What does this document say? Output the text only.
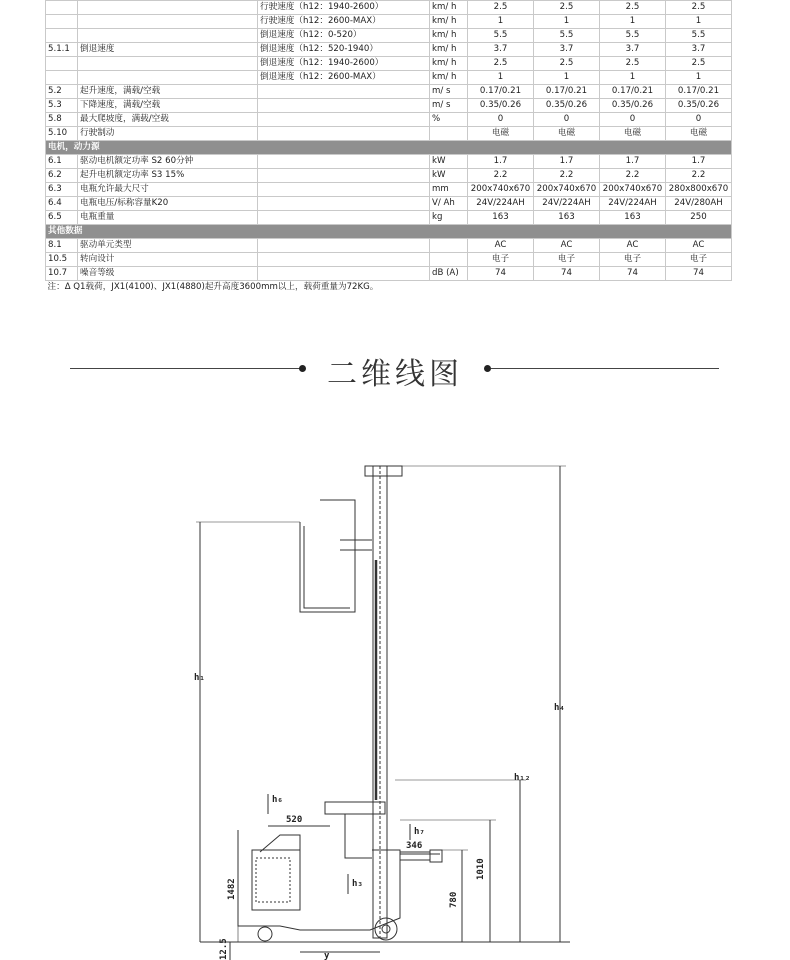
		行驶速度（h12：1940-2600）	km/ h	2.5	2.5	2.5	2.5
		行驶速度（h12：2600-MAX）	km/ h	1	1	1	1
		倒退速度（h12：0-520）	km/ h	5.5	5.5	5.5	5.5
5.1.1	倒退速度	倒退速度（h12：520-1940）	km/ h	3.7	3.7	3.7	3.7
		倒退速度（h12：1940-2600）	km/ h	2.5	2.5	2.5	2.5
		倒退速度（h12：2600-MAX）	km/ h	1	1	1	1
5.2	起升速度，满载/空载		m/ s	0.17/0.21	0.17/0.21	0.17/0.21	0.17/0.21
5.3	下降速度，满载/空载		m/ s	0.35/0.26	0.35/0.26	0.35/0.26	0.35/0.26
5.8	最大爬坡度，满载/空载		%	0	0	0	0
5.10	行驶制动			电磁	电磁	电磁	电磁
电机，动力源							
6.1	驱动电机额定功率 S2 60分钟		kW	1.7	1.7	1.7	1.7
6.2	起升电机额定功率 S3 15%		kW	2.2	2.2	2.2	2.2
6.3	电瓶允许最大尺寸		mm	200x740x670	200x740x670	200x740x670	280x800x670
6.4	电瓶电压/标称容量K20		V/ Ah	24V/224AH	24V/224AH	24V/224AH	24V/280AH
6.5	电瓶重量		kg	163	163	163	250
其他数据							
8.1	驱动单元类型			AC	AC	AC	AC
10.5	转向设计			电子	电子	电子	电子
10.7	噪音等级		dB (A)	74	74	74	74
注：Δ Q1载荷，JX1(4100)、JX1(4880)起升高度3600mm以上，载荷重量为72KG。							
二维线图
520
346
1010
1482	780
12.5
h₁
h₄
h₁₂
h₆
h₃
h₇
y
